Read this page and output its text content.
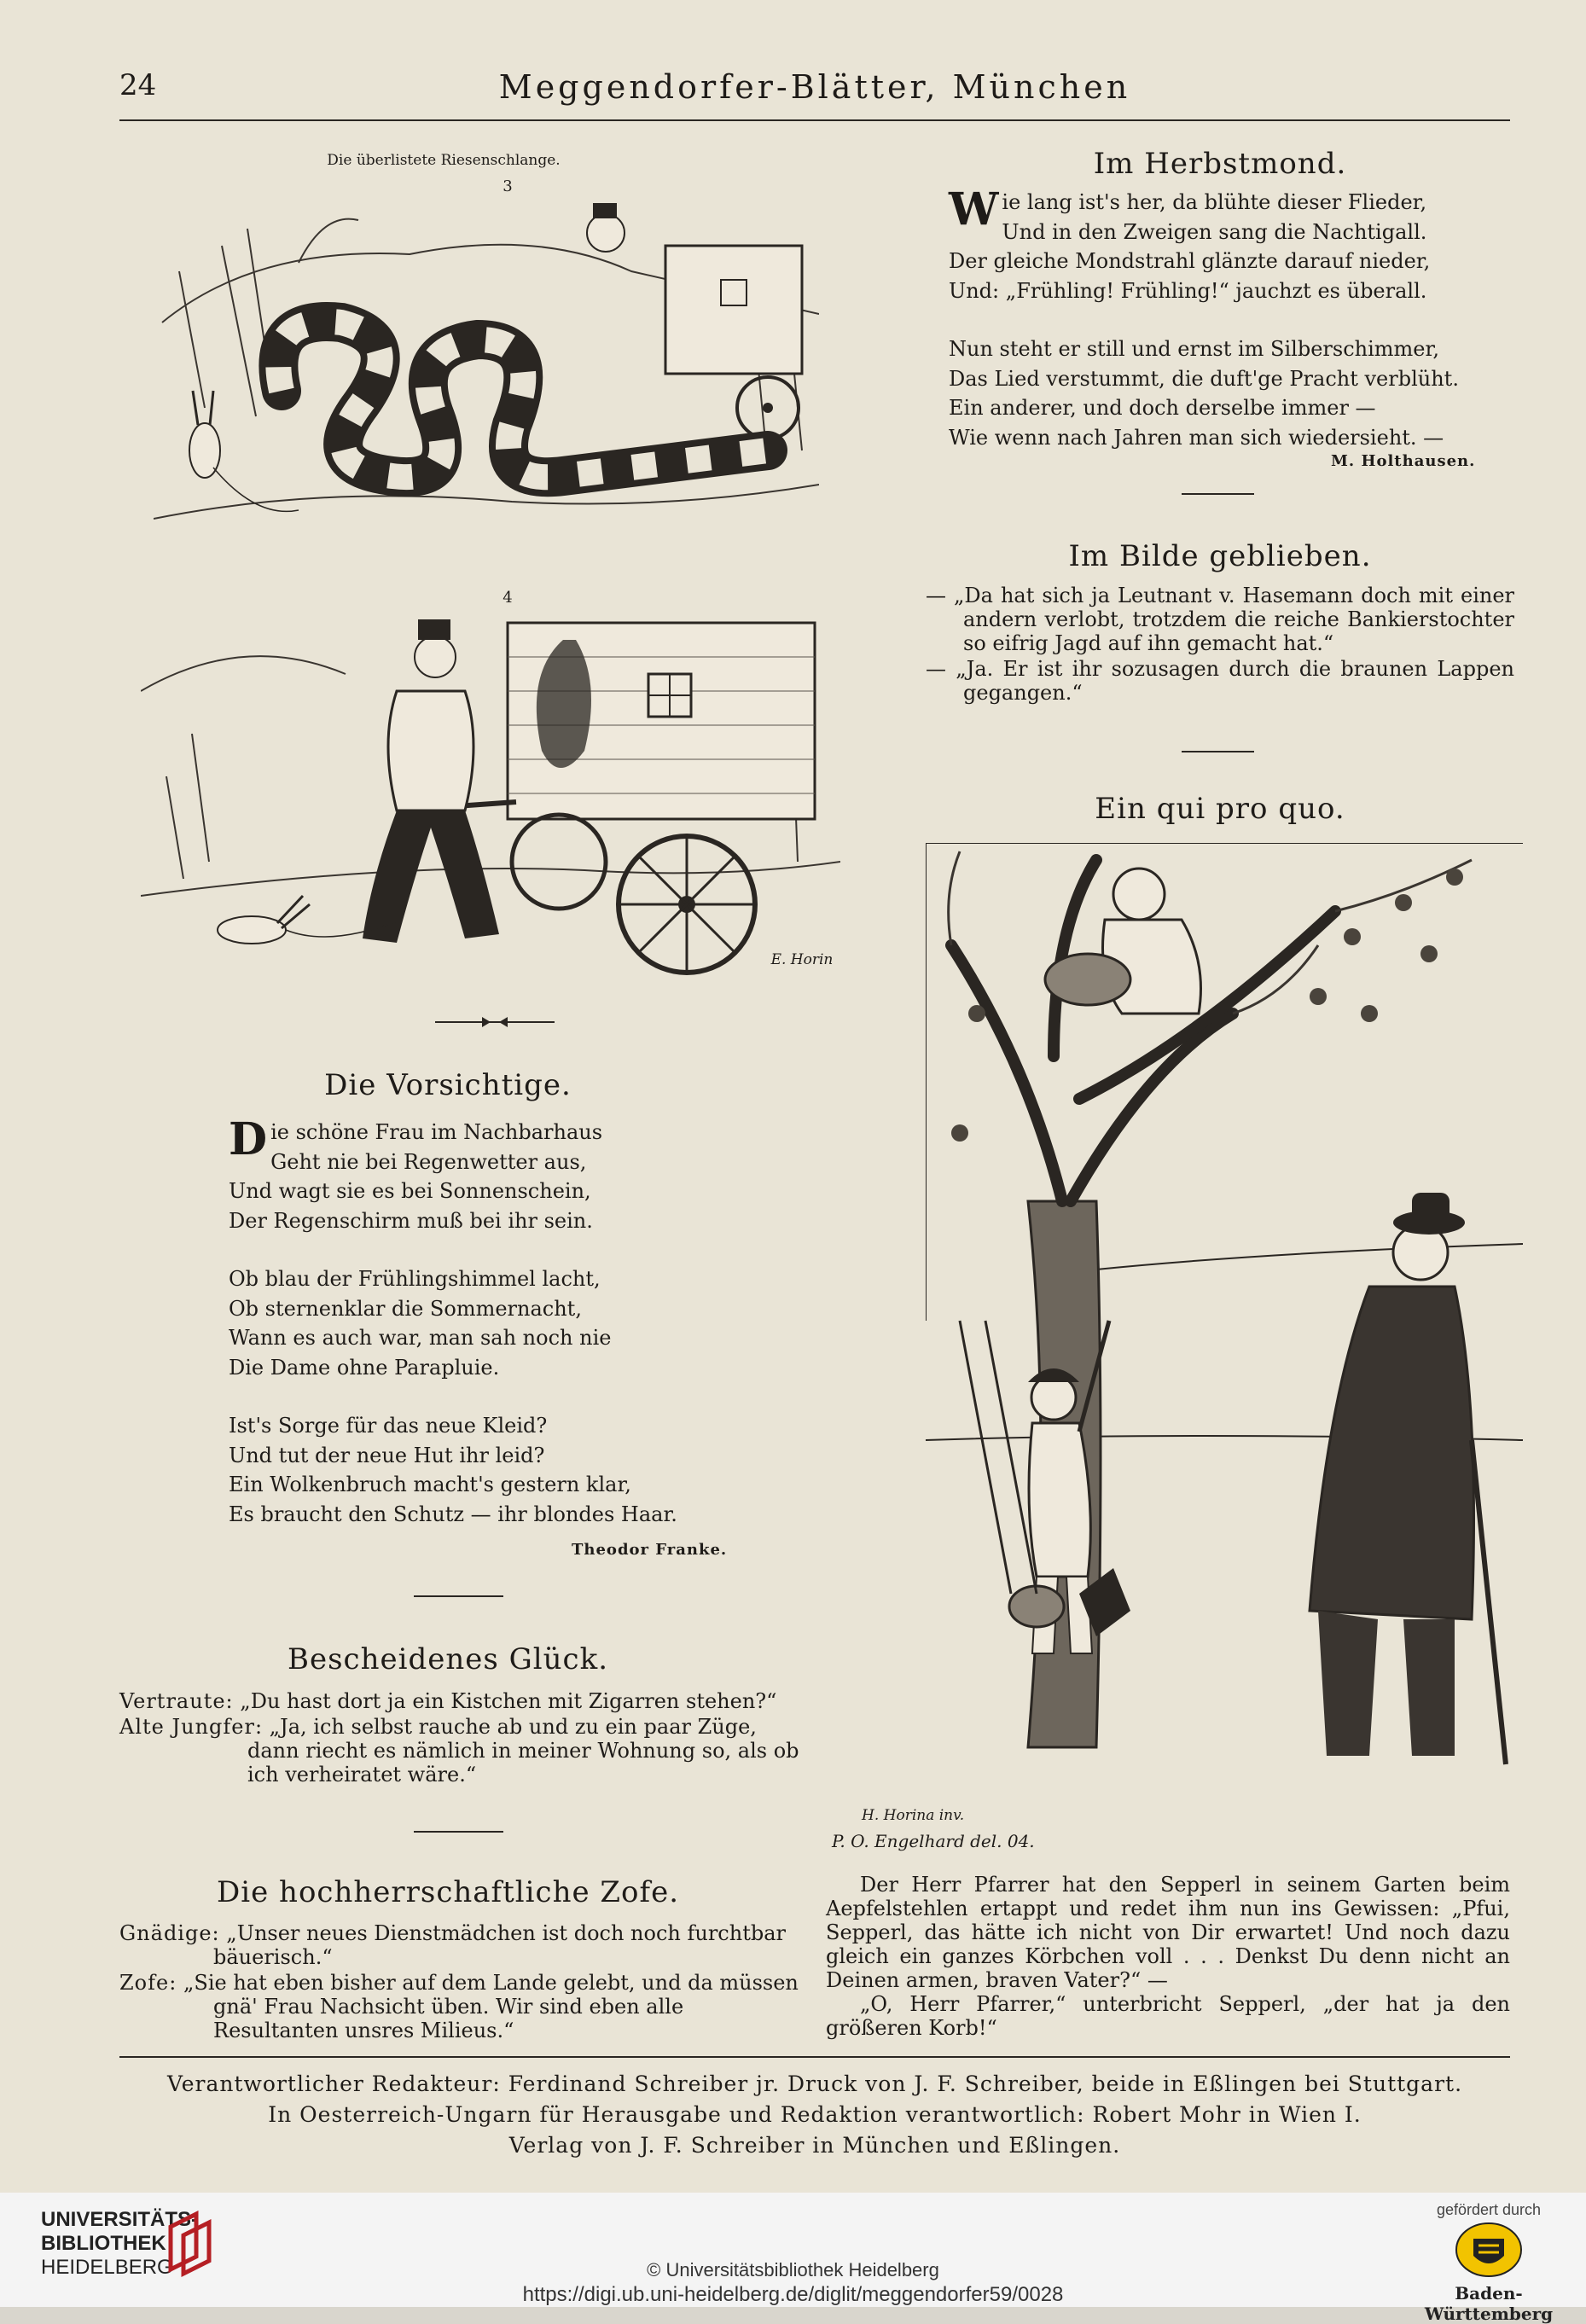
24	Meggendorfer-Blätter, München
Die überlistete Riesenschlange.
3
4
E. Horin
Die Vorsichtige.
Die schöne Frau im Nachbarhaus
Geht nie bei Regenwetter aus,
Und wagt sie es bei Sonnenschein,
Der Regenschirm muß bei ihr sein.
Ob blau der Frühlingshimmel lacht,
Ob sternenklar die Sommernacht,
Wann es auch war, man sah noch nie
Die Dame ohne Parapluie.
Ist's Sorge für das neue Kleid?
Und tut der neue Hut ihr leid?
Ein Wolkenbruch macht's gestern klar,
Es braucht den Schutz — ihr blondes Haar.
Theodor Franke.
Bescheidenes Glück.
Vertraute: „Du hast dort ja ein Kistchen mit Zigarren stehen?“
Alte Jungfer: „Ja, ich selbst rauche ab und zu ein paar Züge, dann riecht es nämlich in meiner Wohnung so, als ob ich verheiratet wäre.“
Die hochherrschaftliche Zofe.
Gnädige: „Unser neues Dienstmädchen ist doch noch furchtbar bäuerisch.“
Zofe: „Sie hat eben bisher auf dem Lande gelebt, und da müssen gnä' Frau Nachsicht üben. Wir sind eben alle Resultanten unsres Milieus.“
Im Herbstmond.
Wie lang ist's her, da blühte dieser Flieder,
Und in den Zweigen sang die Nachtigall.
Der gleiche Mondstrahl glänzte darauf nieder,
Und: „Frühling! Frühling!“ jauchzt es überall.
Nun steht er still und ernst im Silberschimmer,
Das Lied verstummt, die duft'ge Pracht verblüht.
Ein anderer, und doch derselbe immer —
Wie wenn nach Jahren man sich wiedersieht. —
M. Holthausen.
Im Bilde geblieben.
— „Da hat sich ja Leutnant v. Hasemann doch mit einer andern verlobt, trotzdem die reiche Bankierstochter so eifrig Jagd auf ihn gemacht hat.“
— „Ja. Er ist ihr sozusagen durch die braunen Lappen gegangen.“
Ein qui pro quo.
H. Horina inv.
P. O. Engelhard del. 04.
Der Herr Pfarrer hat den Sepperl in seinem Garten beim Aepfelstehlen ertappt und redet ihm nun ins Gewissen: „Pfui, Sepperl, das hätte ich nicht von Dir erwartet! Und noch dazu gleich ein ganzes Körbchen voll . . . Denkst Du denn nicht an Deinen armen, braven Vater?“ —
„O, Herr Pfarrer,“ unterbricht Sepperl, „der hat ja den größeren Korb!“
Verantwortlicher Redakteur: Ferdinand Schreiber jr. Druck von J. F. Schreiber, beide in Eßlingen bei Stuttgart.
In Oesterreich-Ungarn für Herausgabe und Redaktion verantwortlich: Robert Mohr in Wien I.
Verlag von J. F. Schreiber in München und Eßlingen.
UNIVERSITÄTS-
BIBLIOTHEK
HEIDELBERG	© Universitätsbibliothek Heidelberg
https://digi.ub.uni-heidelberg.de/diglit/meggendorfer59/0028
gefördert durch
Baden-Württemberg
